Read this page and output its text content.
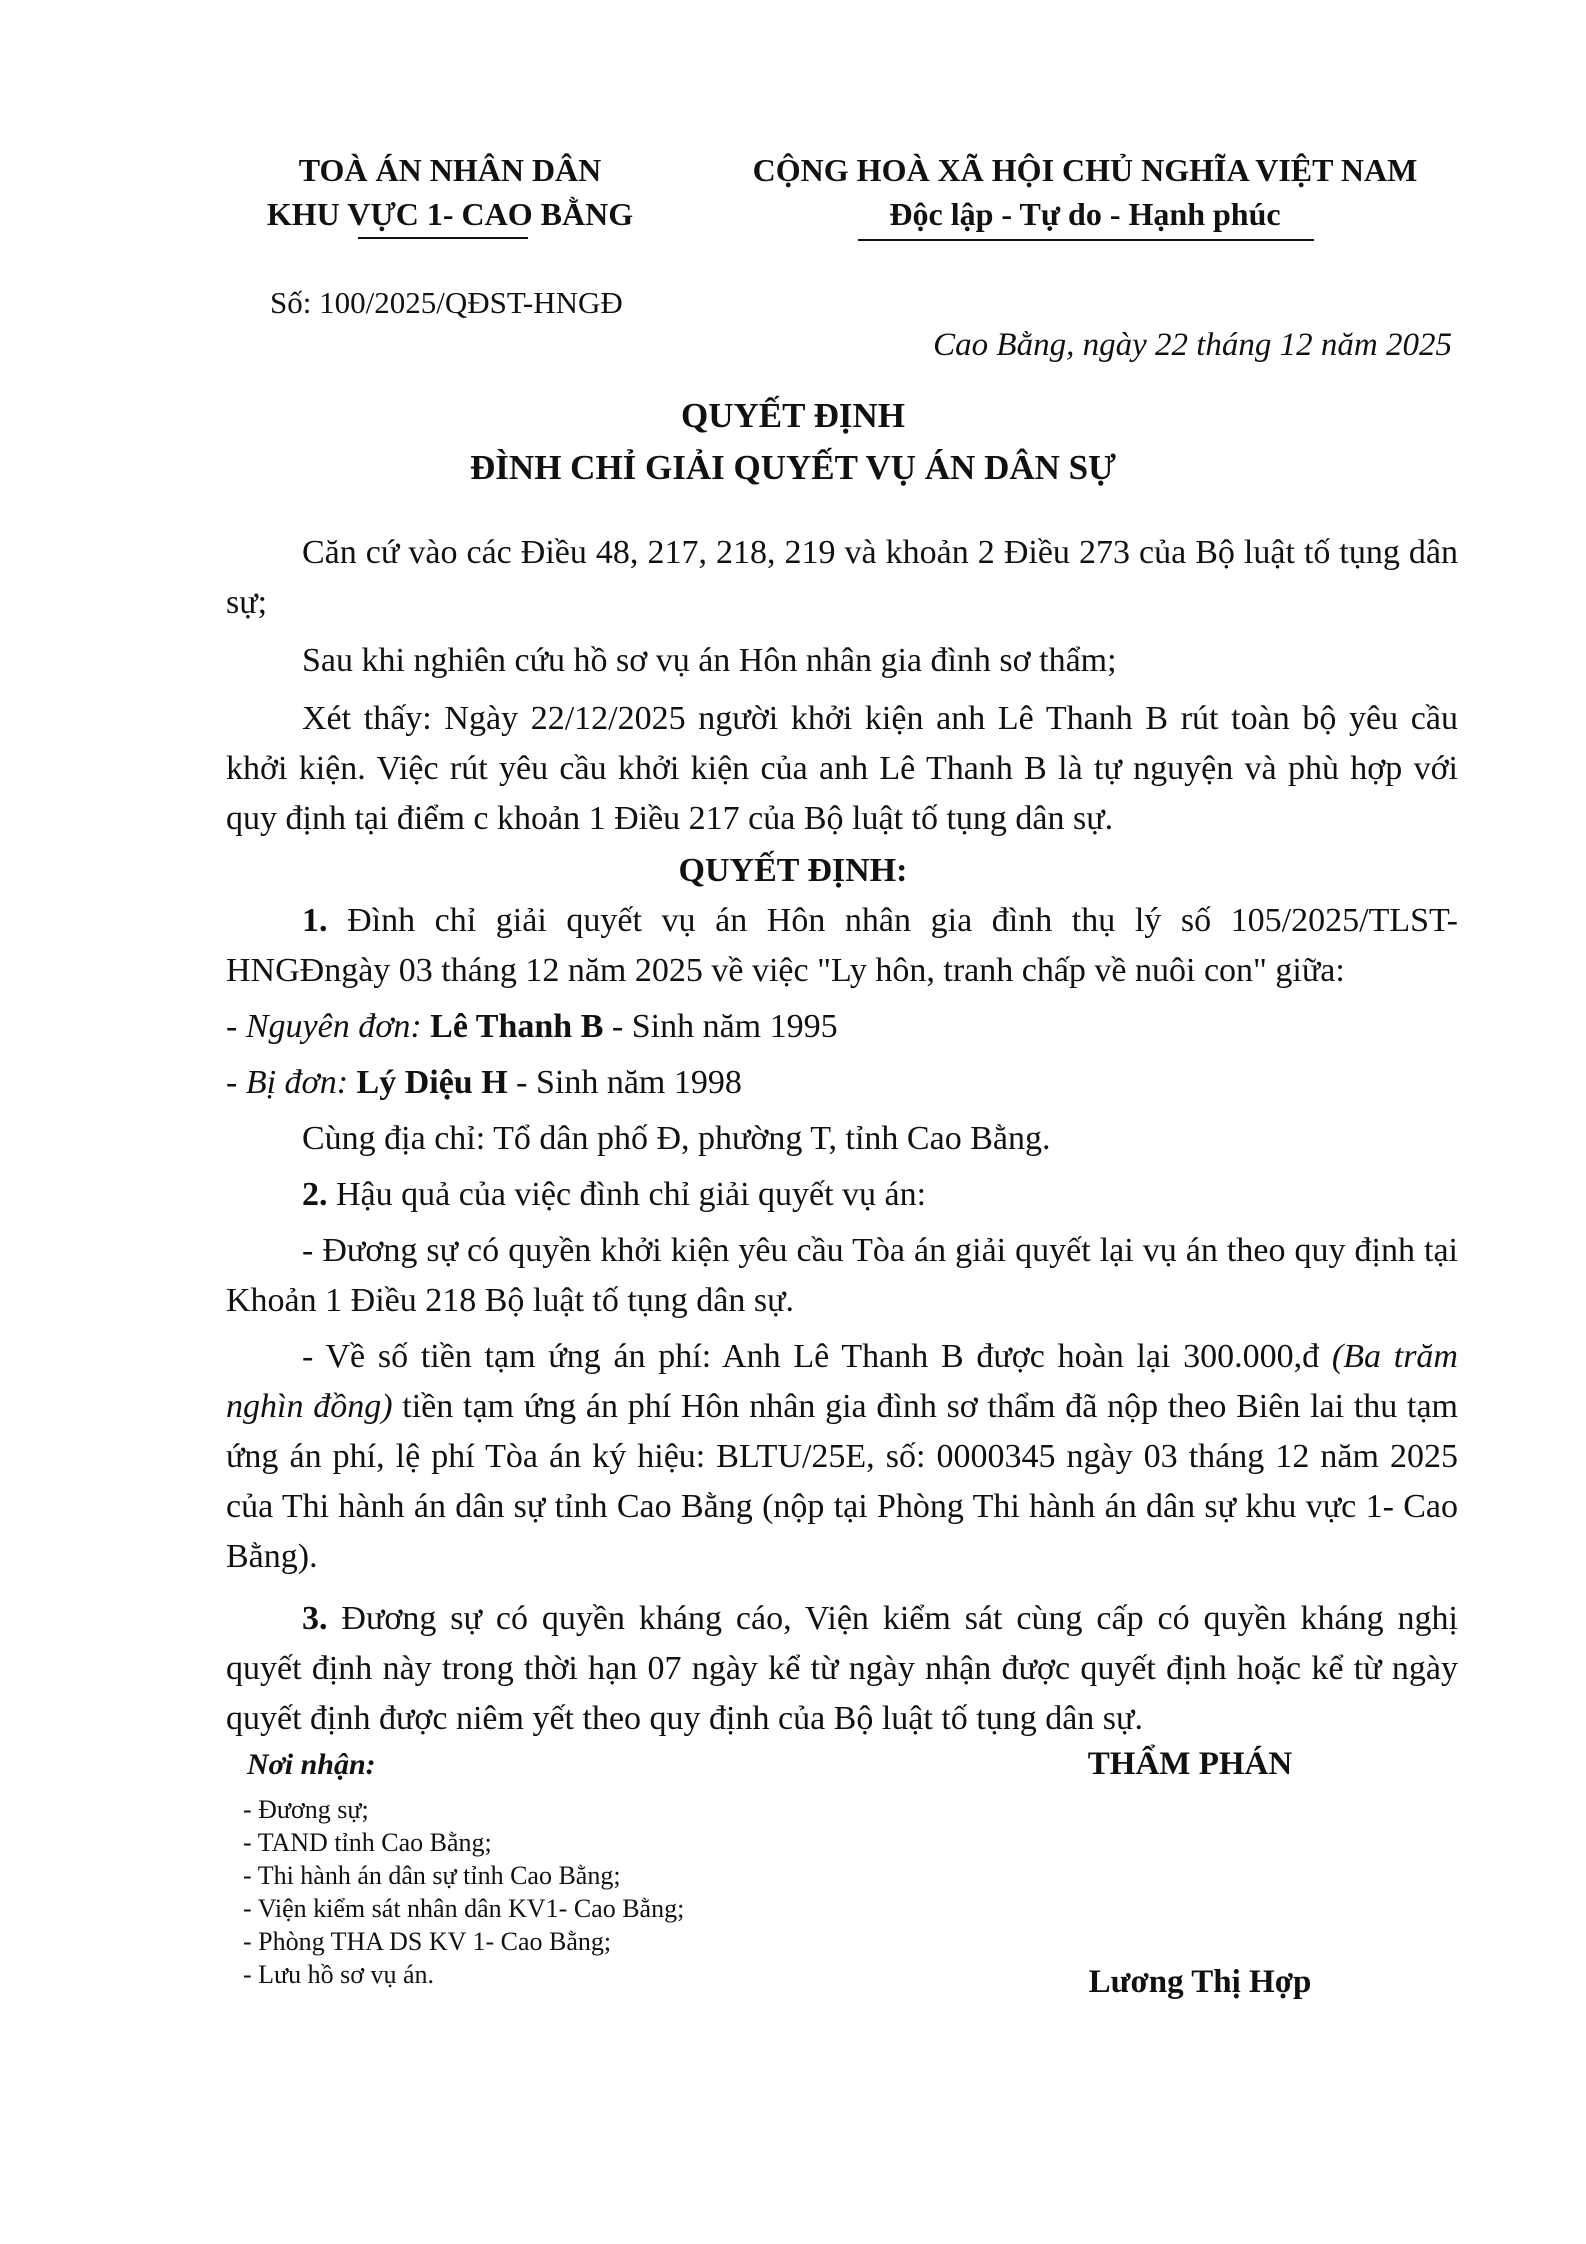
TOÀ ÁN NHÂN DÂN
KHU VỰC 1- CAO BẰNG
CỘNG HOÀ XÃ HỘI CHỦ NGHĨA VIỆT NAM
Độc lập - Tự do - Hạnh phúc
Số: 100/2025/QĐST-HNGĐ
Cao Bằng, ngày 22 tháng 12 năm 2025
QUYẾT ĐỊNH
ĐÌNH CHỈ GIẢI QUYẾT VỤ ÁN DÂN SỰ

Căn cứ vào các Điều 48, 217, 218, 219 và khoản 2 Điều 273 của Bộ luật tố tụng dân sự;

Sau khi nghiên cứu hồ sơ vụ án Hôn nhân gia đình sơ thẩm;

Xét thấy: Ngày 22/12/2025 người khởi kiện anh Lê Thanh B rút toàn bộ yêu cầu khởi kiện. Việc rút yêu cầu khởi kiện của anh Lê Thanh B là tự nguyện và phù hợp với quy định tại điểm c khoản 1 Điều 217 của Bộ luật tố tụng dân sự.

QUYẾT ĐỊNH:

1. Đình chỉ giải quyết vụ án Hôn nhân gia đình thụ lý số 105/2025/TLST-HNGĐngày 03 tháng 12 năm 2025 về việc "Ly hôn, tranh chấp về nuôi con" giữa:

- Nguyên đơn: Lê Thanh B - Sinh năm 1995

- Bị đơn: Lý Diệu H - Sinh năm 1998

Cùng địa chỉ: Tổ dân phố Đ, phường T, tỉnh Cao Bằng.

2. Hậu quả của việc đình chỉ giải quyết vụ án:

- Đương sự có quyền khởi kiện yêu cầu Tòa án giải quyết lại vụ án theo quy định tại Khoản 1 Điều 218 Bộ luật tố tụng dân sự.

- Về số tiền tạm ứng án phí: Anh Lê Thanh B được hoàn lại 300.000,đ (Ba trăm nghìn đồng) tiền tạm ứng án phí Hôn nhân gia đình sơ thẩm đã nộp theo Biên lai thu tạm ứng án phí, lệ phí Tòa án ký hiệu: BLTU/25E, số: 0000345 ngày 03 tháng 12 năm 2025 của Thi hành án dân sự tỉnh Cao Bằng (nộp tại Phòng Thi hành án dân sự khu vực 1- Cao Bằng).

3. Đương sự có quyền kháng cáo, Viện kiểm sát cùng cấp có quyền kháng nghị quyết định này trong thời hạn 07 ngày kể từ ngày nhận được quyết định hoặc kể từ ngày quyết định được niêm yết theo quy định của Bộ luật tố tụng dân sự.

Nơi nhận:
- Đương sự;
- TAND tỉnh Cao Bằng;
- Thi hành án dân sự tỉnh Cao Bằng;
- Viện kiểm sát nhân dân KV1- Cao Bằng;
- Phòng THA DS KV 1- Cao Bằng;
- Lưu hồ sơ vụ án.
THẨM PHÁN
Lương Thị Hợp
